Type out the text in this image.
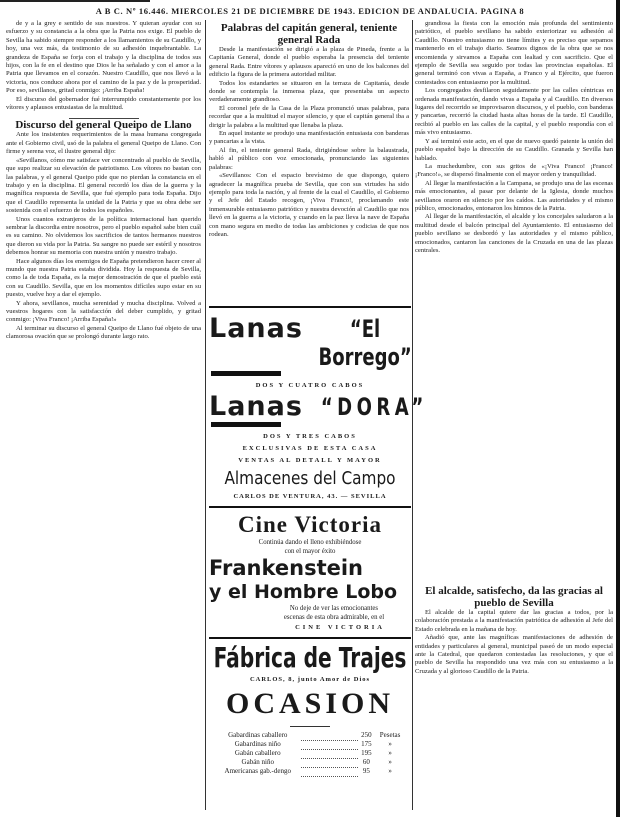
A B C. Nº 16.446. MIERCOLES 21 DE DICIEMBRE DE 1943. EDICION DE ANDALUCIA. PAGINA 8

de y a la grey e sentido de sus nuestros. Y quieran ayudar con su esfuerzo y su constancia a la obra que la Patria nos exige. El pueblo de Sevilla ha sabido siempre responder a los llamamientos de su Caudillo, y hoy, una vez más, da testimonio de su adhesión inquebrantable. La grandeza de España se forja con el trabajo y la disciplina de todos sus hijos, con la fe en el destino que Dios le ha señalado y con el amor a la Patria que llevamos en el corazón. Nuestro Caudillo, que nos llevó a la victoria, nos conduce ahora por el camino de la paz y de la prosperidad. Por eso, sevillanos, gritad conmigo: ¡Arriba España!

El discurso del gobernador fué interrumpido constantemente por los vítores y aplausos entusiastas de la multitud.

Discurso del general Queipo de Llano

Ante los insistentes requerimientos de la masa humana congregada ante el Gobierno civil, usó de la palabra el general Queipo de Llano. Con firme y serena voz, el ilustre general dijo:

«Sevillanos, cómo me satisface ver concentrado al pueblo de Sevilla, que supo realizar su elevación de patriotismo. Los vítores no bastan con las palabras, y el general Queipo pide que no pierdan la constancia en el trabajo y en la disciplina. El general recordó los días de la guerra y la magnífica respuesta de Sevilla, que fué ejemplo para toda España. Dijo que el Caudillo representa la unidad de la Patria y que su obra debe ser sostenida con el esfuerzo de todos los españoles.

Unos cuantos extranjeros de la política internacional han querido sembrar la discordia entre nosotros, pero el pueblo español sabe bien cuál es su camino. No olvidemos los sacrificios de tantos hermanos nuestros que dieron su vida por la Patria. Su sangre no puede ser estéril y nosotros debemos honrar su memoria con nuestra unión y nuestro trabajo.

Hace algunos días los enemigos de España pretendieron hacer creer al mundo que nuestra Patria estaba dividida. Hoy la respuesta de Sevilla, como la de toda España, es la mejor demostración de que el pueblo está con su Caudillo. Sevilla, que en los momentos difíciles supo estar en su puesto, vuelve hoy a dar el ejemplo.

Y ahora, sevillanos, mucha serenidad y mucha disciplina. Volved a vuestros hogares con la satisfacción del deber cumplido, y gritad conmigo: ¡Viva Franco! ¡Arriba España!»

Al terminar su discurso el general Queipo de Llano fué objeto de una clamorosa ovación que se prolongó durante largo rato.

Palabras del capitán general, teniente general Rada

Desde la manifestación se dirigió a la plaza de Pineda, frente a la Capitanía General, donde el pueblo esperaba la presencia del teniente general Rada. Entre vítores y aplausos apareció en uno de los balcones del edificio la figura de la primera autoridad militar.

Todos los estandartes se situaron en la terraza de Capitanía, desde donde se contempla la inmensa plaza, que presentaba un aspecto verdaderamente grandioso.

El coronel jefe de la Casa de la Plaza pronunció unas palabras, para recordar que a la multitud el mayor silencio, y que el capitán general iba a dirigir la palabra a la multitud que llenaba la plaza.

En aquel instante se produjo una manifestación entusiasta con banderas y pancartas a la vista.

Al fin, el teniente general Rada, dirigiéndose sobre la balaustrada, habló al público con voz emocionada, pronunciando las siguientes palabras:

«Sevillanos: Con el espacio brevísimo de que dispongo, quiero agradecer la magnífica prueba de Sevilla, que con sus virtudes ha sido ejemplo para toda la nación, y al frente de la cual el Caudillo, el Gobierno y el Jefe del Estado recogen, ¡Viva Franco!, proclamando este inmensurable entusiasmo patriótico y nuestra devoción al Caudillo que nos llevó en la guerra a la victoria, y cuando en la paz lleva la nave de España con mano segura en medio de todas las ambiciones y codicias de que nos rodean.

Lanas	“El Borrego”
DOS Y CUATRO CABOS
Lanas “DORA”
DOS Y TRES CABOS
EXCLUSIVAS DE ESTA CASA
VENTAS AL DETALL Y MAYOR
Almacenes del Campo
CARLOS DE VENTURA, 43. — SEVILLA
Cine Victoria
Continúa dando el lleno exhibiéndose con el mayor éxito
Frankenstein
y el Hombre Lobo
No deje de ver las emocionantes escenas de esta obra admirable, en el
CINE VICTORIA
Fábrica de Trajes
CARLOS, 8, junto Amor de Dios
OCASION
Gabardinas caballero		250	Pesetas
Gabardinas niño		175	»
Gabán caballero		195	»
Gabán niño		60	»
Americanas gab.-dengo		95	»

grandiosa la fiesta con la emoción más profunda del sentimiento patriótico, el pueblo sevillano ha sabido exteriorizar su adhesión al Caudillo. Nuestro entusiasmo no tiene límites y es preciso que sepamos mantenerlo en el trabajo diario. Seamos dignos de la obra que se nos encomienda y sirvamos a España con lealtad y con sacrificio. Que el ejemplo de Sevilla sea seguido por todas las provincias españolas. El general terminó con vivas a España, a Franco y al Ejército, que fueron contestados con entusiasmo por la multitud.

Los congregados desfilaron seguidamente por las calles céntricas en ordenada manifestación, dando vivas a España y al Caudillo. En diversos lugares del recorrido se improvisaron discursos, y el pueblo, con banderas y pancartas, recorrió la ciudad hasta altas horas de la tarde. El Caudillo, recibió al pueblo en las calles de la capital, y el pueblo respondía con el más vivo entusiasmo.

Y así terminó este acto, en el que de nuevo quedó patente la unión del pueblo español bajo la dirección de su Caudillo. Granada y Sevilla han hablado.

La muchedumbre, con sus gritos de «¡Viva Franco! ¡Franco! ¡Franco!», se dispersó finalmente con el mayor orden y tranquilidad.

Al llegar la manifestación a la Campana, se produjo una de las escenas más emocionantes, al pasar por delante de la Iglesia, donde muchos sevillanos oraron en silencio por los caídos. Las autoridades y el mismo público, emocionados, entonaron los himnos de la Patria.

Al llegar de la manifestación, el alcalde y los concejales saludaron a la multitud desde el balcón principal del Ayuntamiento. El entusiasmo del pueblo sevillano se desbordó y las autoridades y el mismo público, emocionados, cantaron las canciones de la Cruzada en una de las plazas centrales.

El alcalde, satisfecho, da las gracias al pueblo de Sevilla

El alcalde de la capital quiere dar las gracias a todos, por la colaboración prestada a la manifestación patriótica de adhesión al Jefe del Estado celebrada en la mañana de hoy.

Añadió que, ante las magníficas manifestaciones de adhesión de entidades y particulares al general, municipal paseó de un modo especial ante la Catedral, que quedaron contestadas las resoluciones, y que el pueblo de Sevilla ha respondido una vez más con su entusiasmo a la Cruzada y al glorioso Caudillo de la Patria.
